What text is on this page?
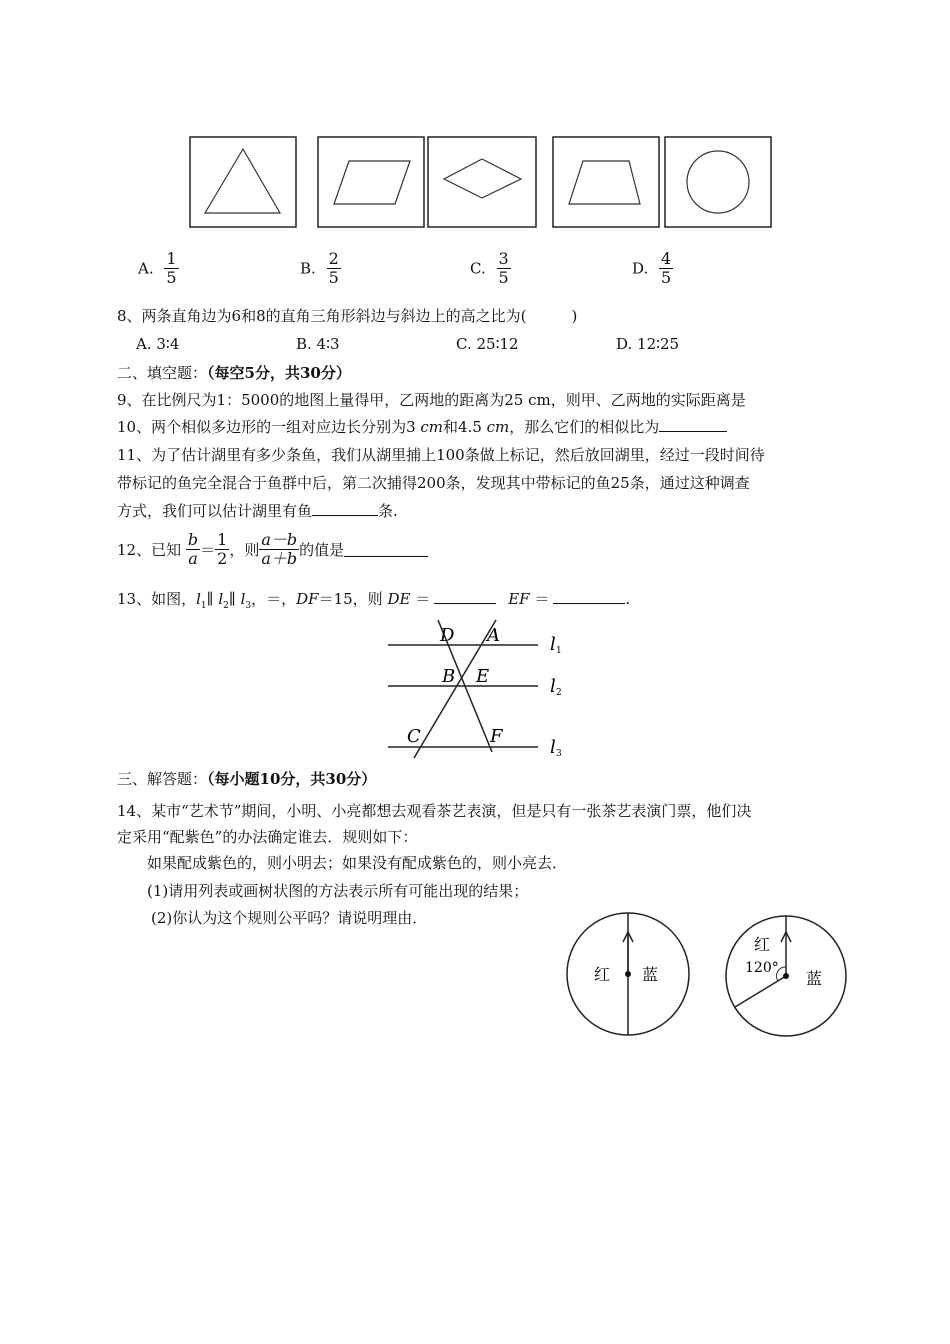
A. $\frac{1}{5}$	B. $\frac{2}{5}$	C. $\frac{3}{5}$	D. $\frac{4}{5}$
8、两条直角边为6和8的直角三角形斜边与斜边上的高之比为(　　　)
A. 3∶4	B. 4∶3	C. 25∶12	D. 12∶25
二、填空题：（每空5分，共30分）
9、在比例尺为1：5000的地图上量得甲，乙两地的距离为25 cm，则甲、乙两地的实际距离是
10、两个相似多边形的一组对应边长分别为3 cm和4.5 cm，那么它们的相似比为
11、为了估计湖里有多少条鱼，我们从湖里捕上100条做上标记，然后放回湖里，经过一段时间待
带标记的鱼完全混合于鱼群中后，第二次捕得200条，发现其中带标记的鱼25条，通过这种调查
方式，我们可以估计湖里有鱼	条.
12、已知 $\frac{b}{a} = \frac{1}{2}$ ，则 $\frac{a-b}{a+b}$ 的值是
13、如图，$l_1\parallel$ $l_2\parallel$ $l_3$，＝，DF＝15，则 DE ＝	EF ＝	.
D A
B E
C	F
l 1
l 2
l 3
三、解答题：（每小题10分，共30分）
14、某市“艺术节”期间，小明、小亮都想去观看茶艺表演，但是只有一张茶艺表演门票，他们决
定采用“配紫色”的办法确定谁去．规则如下：
如果配成紫色的，则小明去；如果没有配成紫色的，则小亮去．
(1)请用列表或画树状图的方法表示所有可能出现的结果；
(2)你认为这个规则公平吗？请说明理由．
红 蓝
红
120°
蓝
